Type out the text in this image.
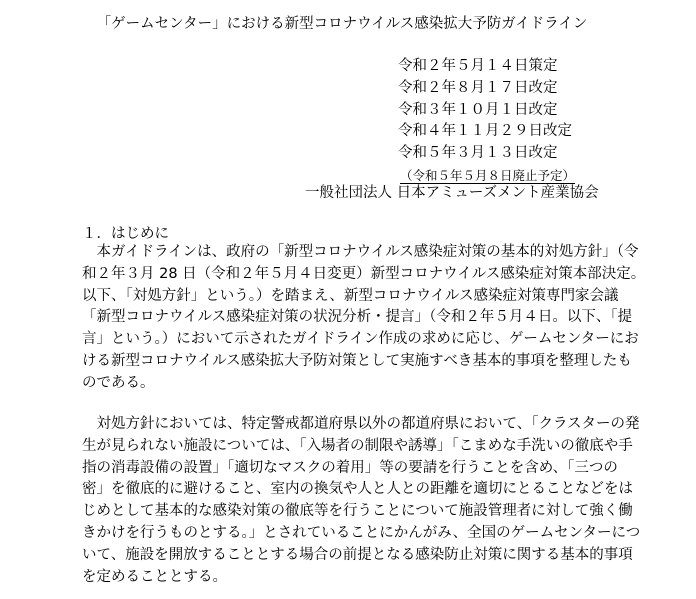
「ゲームセンター」における新型コロナウイルス感染拡大予防ガイドライン
令和２年５月１４日策定
令和２年８月１７日改定
令和３年１０月１日改定
令和４年１１月２９日改定
令和５年３月１３日改定
（令和５年５月８日廃止予定）
一般社団法人 日本アミューズメント産業協会
１．はじめに
　本ガイドラインは、政府の「新型コロナウイルス感染症対策の基本的対処方針」（令
和２年３月 28 日（令和２年５月４日変更）新型コロナウイルス感染症対策本部決定。
以下、「対処方針」という。）を踏まえ、新型コロナウイルス感染症対策専門家会議
「新型コロナウイルス感染症対策の状況分析・提言」（令和２年５月４日。以下、「提
言」という。）において示されたガイドライン作成の求めに応じ、ゲームセンターにお
ける新型コロナウイルス感染拡大予防対策として実施すべき基本的事項を整理したも
のである。
　対処方針においては、特定警戒都道府県以外の都道府県において、「クラスターの発
生が見られない施設については、「入場者の制限や誘導」「こまめな手洗いの徹底や手
指の消毒設備の設置」「適切なマスクの着用」等の要請を行うことを含め、「三つの
密」を徹底的に避けること、室内の換気や人と人との距離を適切にとることなどをは
じめとして基本的な感染対策の徹底等を行うことについて施設管理者に対して強く働
きかけを行うものとする。」とされていることにかんがみ、全国のゲームセンターにつ
いて、施設を開放することとする場合の前提となる感染防止対策に関する基本的事項
を定めることとする。
